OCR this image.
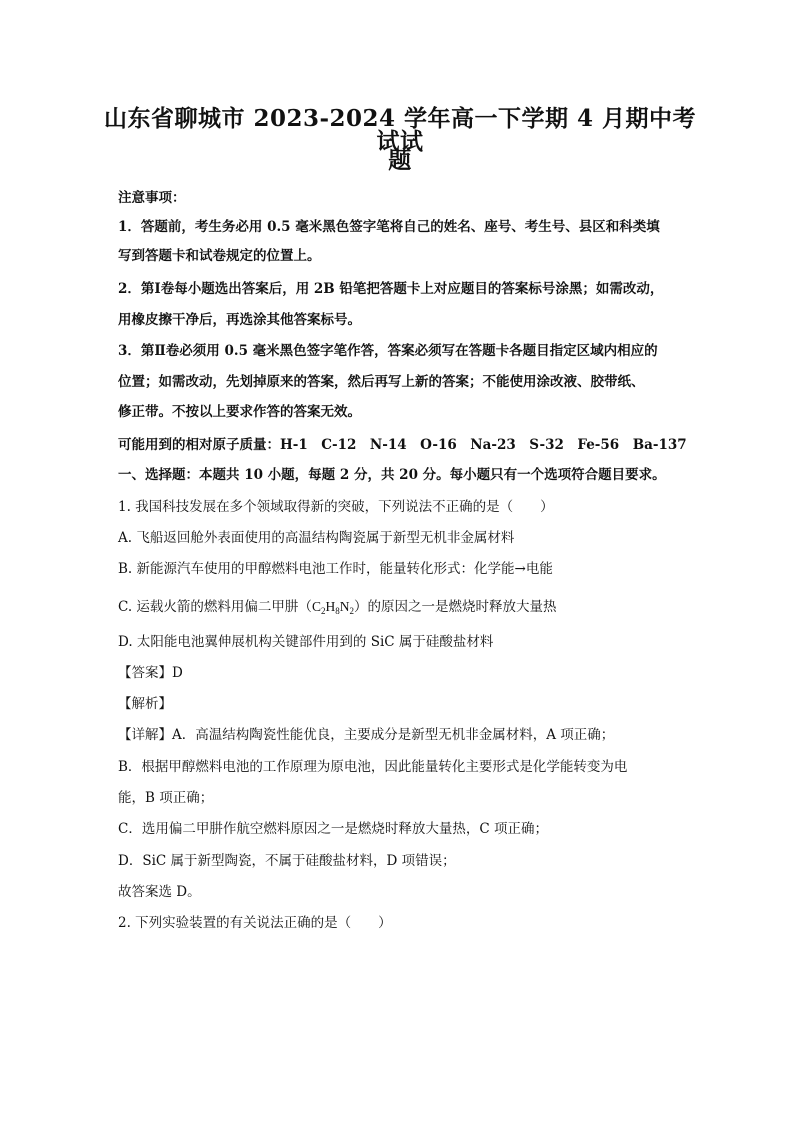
山东省聊城市 2023-2024 学年高一下学期 4 月期中考试试
题

注意事项：

1．答题前，考生务必用 0.5 毫米黑色签字笔将自己的姓名、座号、考生号、县区和科类填

写到答题卡和试卷规定的位置上。

2．第Ⅰ卷每小题选出答案后，用 2B 铅笔把答题卡上对应题目的答案标号涂黑；如需改动，

用橡皮擦干净后，再选涂其他答案标号。

3．第Ⅱ卷必须用 0.5 毫米黑色签字笔作答，答案必须写在答题卡各题目指定区域内相应的

位置；如需改动，先划掉原来的答案，然后再写上新的答案；不能使用涂改液、胶带纸、

修正带。不按以上要求作答的答案无效。

可能用到的相对原子质量：H-1　C-12　N-14　O-16　Na-23　S-32　Fe-56　Ba-137

一、选择题：本题共 10 小题，每题 2 分，共 20 分。每小题只有一个选项符合题目要求。

1. 我国科技发展在多个领域取得新的突破，下列说法不正确的是（　　）

A. 飞船返回舱外表面使用的高温结构陶瓷属于新型无机非金属材料

B. 新能源汽车使用的甲醇燃料电池工作时，能量转化形式：化学能→电能

C. 运载火箭的燃料用偏二甲肼$(C_2H_8N_2)$的原因之一是燃烧时释放大量热

D. 太阳能电池翼伸展机构关键部件用到的 SiC 属于硅酸盐材料

【答案】D

【解析】

【详解】A．高温结构陶瓷性能优良，主要成分是新型无机非金属材料，A 项正确；

B．根据甲醇燃料电池的工作原理为原电池，因此能量转化主要形式是化学能转变为电

能，B 项正确；

C．选用偏二甲肼作航空燃料原因之一是燃烧时释放大量热，C 项正确；

D．SiC 属于新型陶瓷，不属于硅酸盐材料，D 项错误；

故答案选 D。

2. 下列实验装置的有关说法正确的是（　　）
